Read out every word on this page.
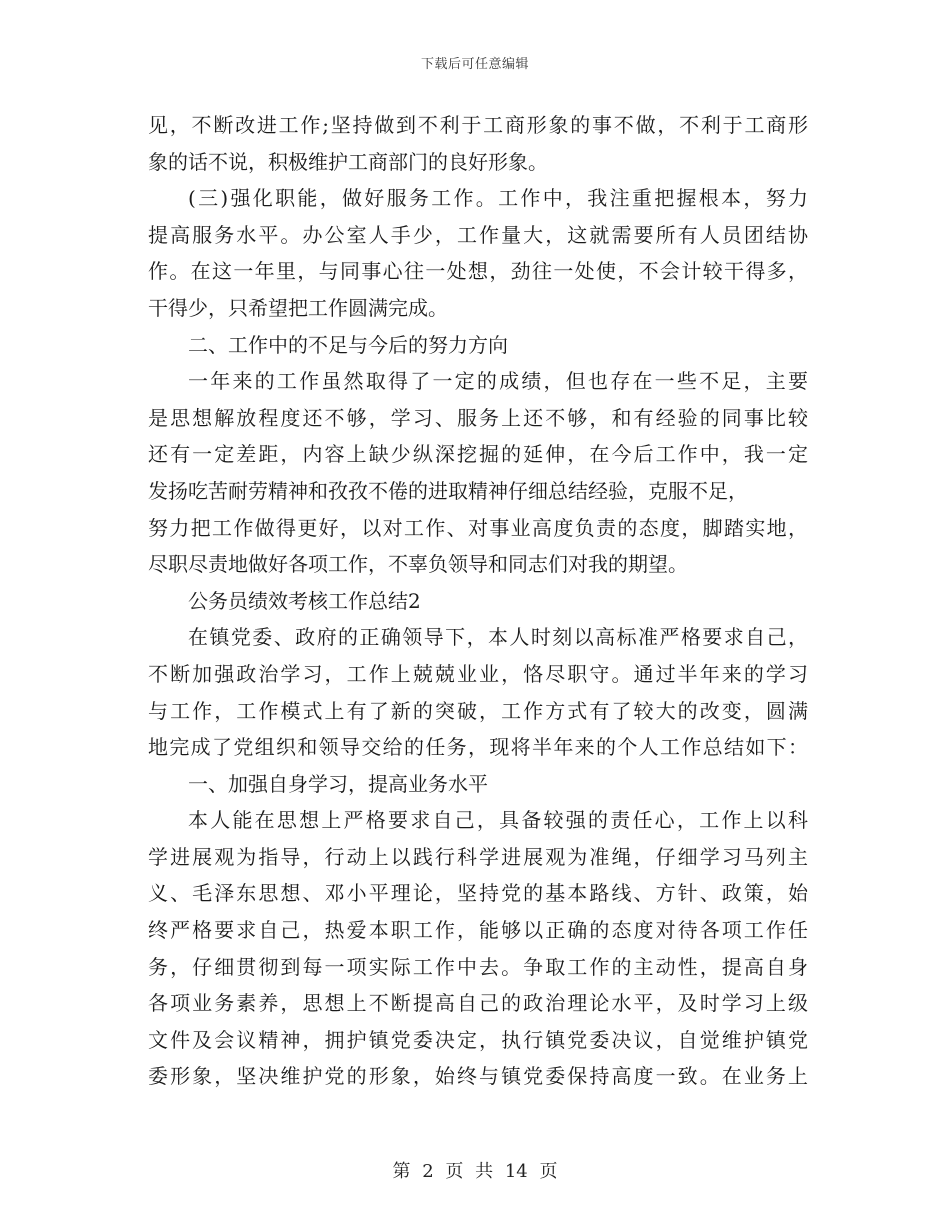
下载后可任意编辑
见，不断改进工作;坚持做到不利于工商形象的事不做，不利于工商形
象的话不说，积极维护工商部门的良好形象。
(三)强化职能，做好服务工作。工作中，我注重把握根本，努力
提高服务水平。办公室人手少，工作量大，这就需要所有人员团结协
作。在这一年里，与同事心往一处想，劲往一处使，不会计较干得多，
干得少，只希望把工作圆满完成。
二、工作中的不足与今后的努力方向
一年来的工作虽然取得了一定的成绩，但也存在一些不足，主要
是思想解放程度还不够，学习、服务上还不够，和有经验的同事比较
还有一定差距，内容上缺少纵深挖掘的延伸，在今后工作中，我一定
发扬吃苦耐劳精神和孜孜不倦的进取精神仔细总结经验，克服不足，
努力把工作做得更好，以对工作、对事业高度负责的态度，脚踏实地，
尽职尽责地做好各项工作，不辜负领导和同志们对我的期望。
公务员绩效考核工作总结2
在镇党委、政府的正确领导下，本人时刻以高标准严格要求自己，
不断加强政治学习，工作上兢兢业业，恪尽职守。通过半年来的学习
与工作，工作模式上有了新的突破，工作方式有了较大的改变，圆满
地完成了党组织和领导交给的任务，现将半年来的个人工作总结如下：
一、加强自身学习，提高业务水平
本人能在思想上严格要求自己，具备较强的责任心，工作上以科
学进展观为指导，行动上以践行科学进展观为准绳，仔细学习马列主
义、毛泽东思想、邓小平理论，坚持党的基本路线、方针、政策，始
终严格要求自己，热爱本职工作，能够以正确的态度对待各项工作任
务，仔细贯彻到每一项实际工作中去。争取工作的主动性，提高自身
各项业务素养，思想上不断提高自己的政治理论水平，及时学习上级
文件及会议精神，拥护镇党委决定，执行镇党委决议，自觉维护镇党
委形象，坚决维护党的形象，始终与镇党委保持高度一致。在业务上
第 2 页 共 14 页
